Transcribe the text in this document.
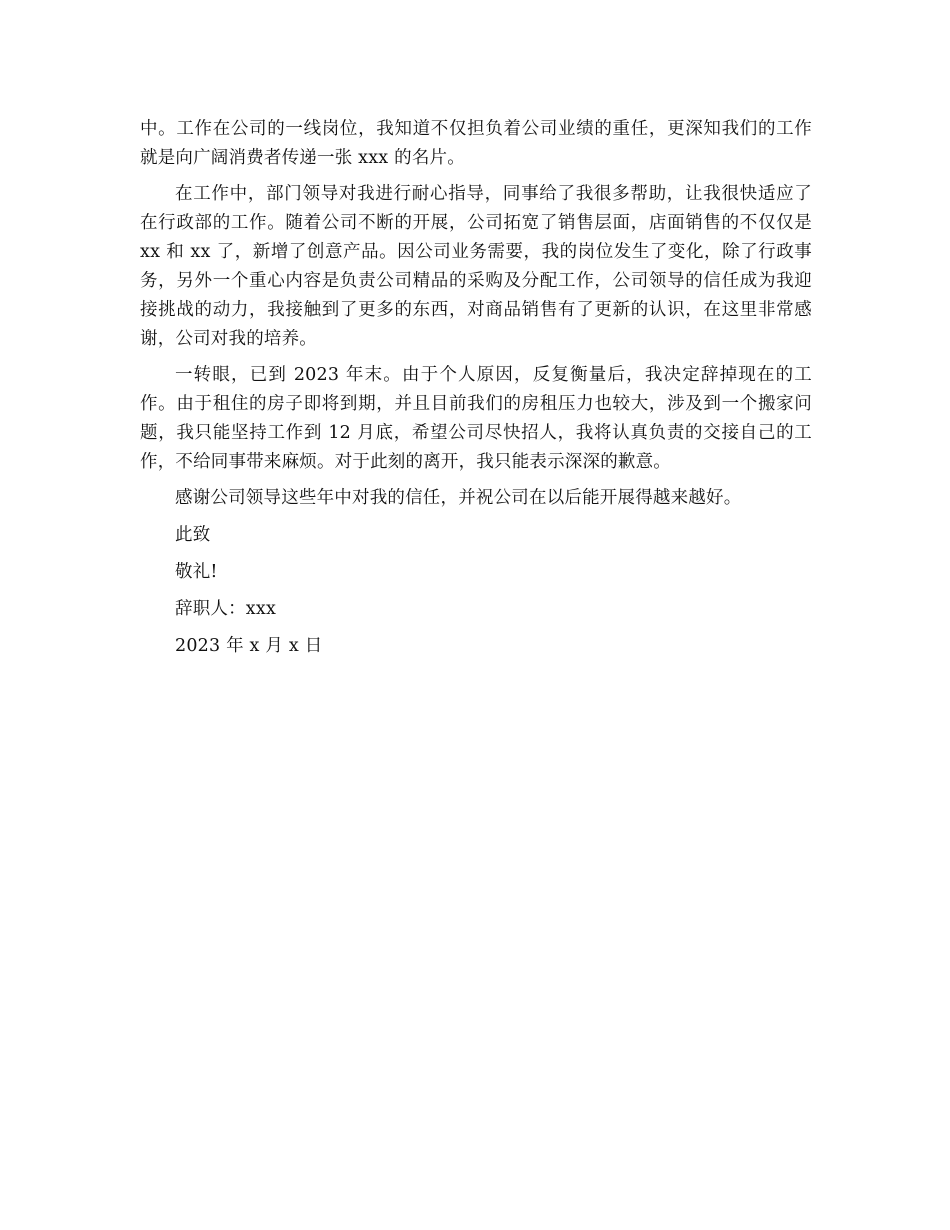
中。工作在公司的一线岗位，我知道不仅担负着公司业绩的重任，更深知我们的工作就是向广阔消费者传递一张 xxx 的名片。

在工作中，部门领导对我进行耐心指导，同事给了我很多帮助，让我很快适应了在行政部的工作。随着公司不断的开展，公司拓宽了销售层面，店面销售的不仅仅是 xx 和 xx 了，新增了创意产品。因公司业务需要，我的岗位发生了变化，除了行政事务，另外一个重心内容是负责公司精品的采购及分配工作，公司领导的信任成为我迎接挑战的动力，我接触到了更多的东西，对商品销售有了更新的认识，在这里非常感谢，公司对我的培养。

一转眼，已到 2023 年末。由于个人原因，反复衡量后，我决定辞掉现在的工作。由于租住的房子即将到期，并且目前我们的房租压力也较大，涉及到一个搬家问题，我只能坚持工作到 12 月底，希望公司尽快招人，我将认真负责的交接自己的工作，不给同事带来麻烦。对于此刻的离开，我只能表示深深的歉意。

感谢公司领导这些年中对我的信任，并祝公司在以后能开展得越来越好。

此致

敬礼!

辞职人：xxx

2023 年 x 月 x 日
